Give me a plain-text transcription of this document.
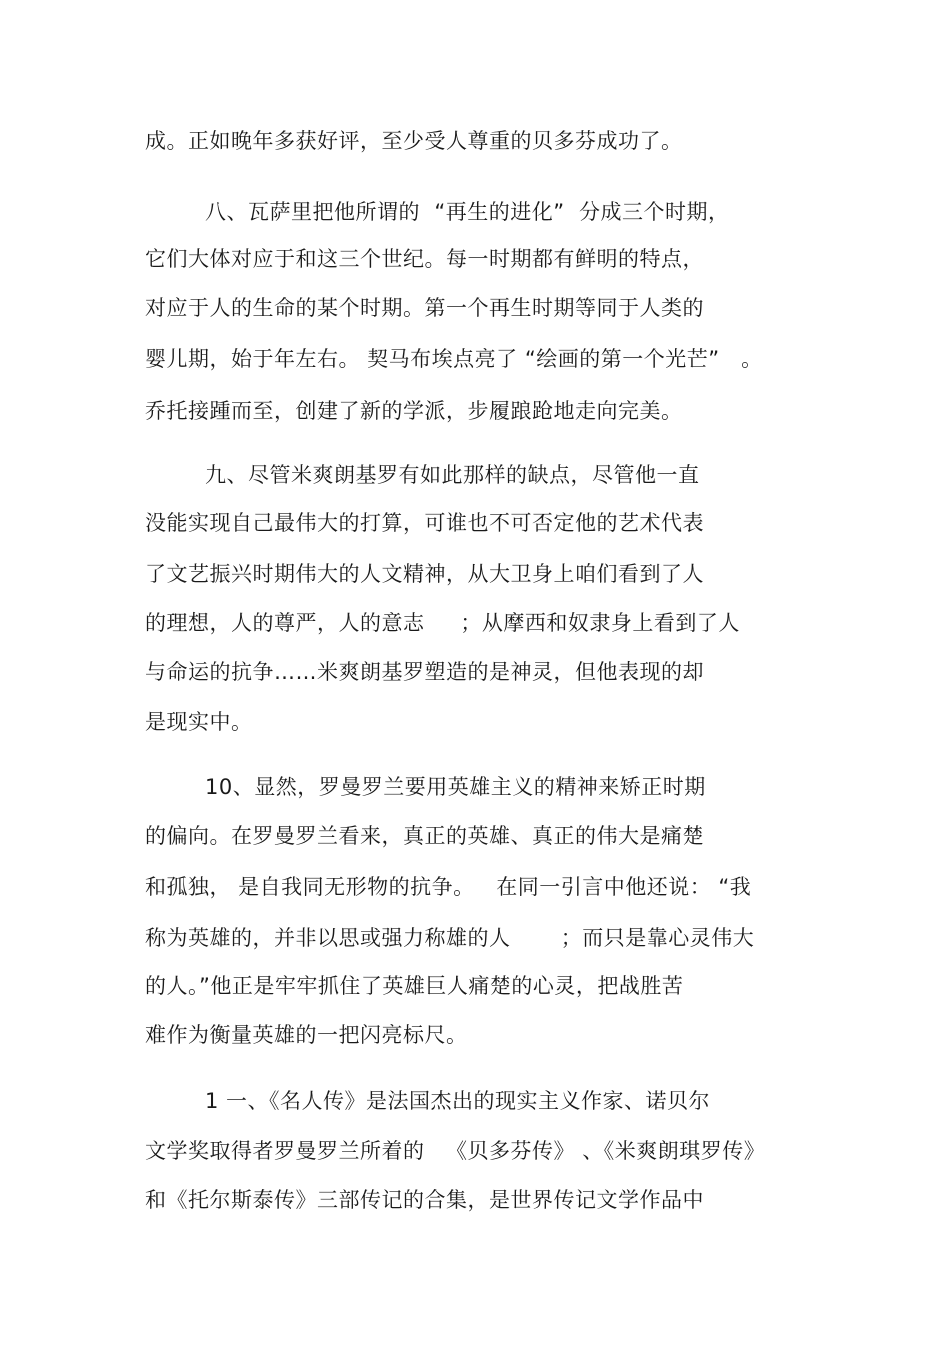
成。正如晚年多获好评，至少受人尊重的贝多芬成功了。
八、瓦萨里把他所谓的  “再生的进化”  分成三个时期，
它们大体对应于和这三个世纪。每一时期都有鲜明的特点，
对应于人的生命的某个时期。第一个再生时期等同于人类的
婴儿期，始于年左右。 契马布埃点亮了 “绘画的第一个光芒”   。
乔托接踵而至，创建了新的学派，步履踉跄地走向完美。
九、尽管米爽朗基罗有如此那样的缺点，尽管他一直
没能实现自己最伟大的打算，可谁也不可否定他的艺术代表
了文艺振兴时期伟大的人文精神，从大卫身上咱们看到了人
的理想，人的尊严，人的意志     ；从摩西和奴隶身上看到了人
与命运的抗争……米爽朗基罗塑造的是神灵，但他表现的却
是现实中。
10、显然，罗曼罗兰要用英雄主义的精神来矫正时期
的偏向。在罗曼罗兰看来，真正的英雄、真正的伟大是痛楚
和孤独， 是自我同无形物的抗争。   在同一引言中他还说： “我
称为英雄的，并非以思或强力称雄的人       ；而只是靠心灵伟大
的人。”他正是牢牢抓住了英雄巨人痛楚的心灵，把战胜苦
难作为衡量英雄的一把闪亮标尺。
1 一、《名人传》是法国杰出的现实主义作家、诺贝尔
文学奖取得者罗曼罗兰所着的   《贝多芬传》 、《米爽朗琪罗传》
和《托尔斯泰传》三部传记的合集，是世界传记文学作品中
